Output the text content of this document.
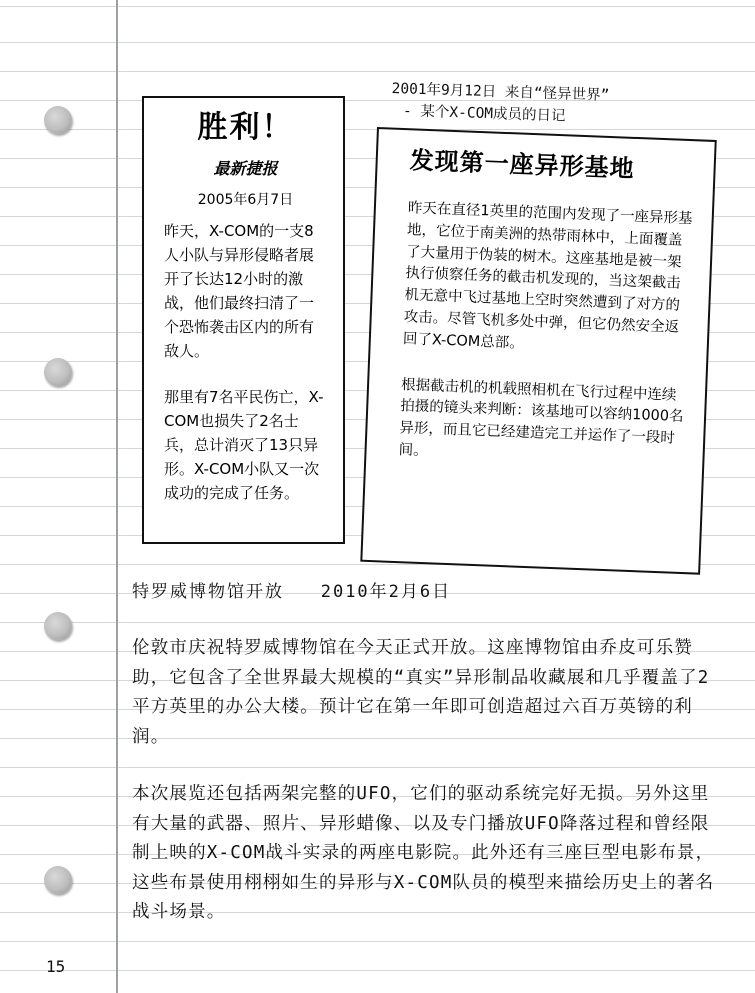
2001年9月12日 来自“怪异世界”
- 某个X-COM成员的日记
胜利！
最新捷报
2005年6月7日
昨天，X-COM的一支8人小队与异形侵略者展开了长达12小时的激战，他们最终扫清了一个恐怖袭击区内的所有敌人。
那里有7名平民伤亡，X-COM也损失了2名士兵，总计消灭了13只异形。X-COM小队又一次成功的完成了任务。
发现第一座异形基地
昨天在直径1英里的范围内发现了一座异形基地，它位于南美洲的热带雨林中，上面覆盖了大量用于伪装的树木。这座基地是被一架执行侦察任务的截击机发现的，当这架截击机无意中飞过基地上空时突然遭到了对方的攻击。尽管飞机多处中弹，但它仍然安全返回了X-COM总部。
根据截击机的机载照相机在飞行过程中连续拍摄的镜头来判断：该基地可以容纳1000名异形，而且它已经建造完工并运作了一段时间。
特罗威博物馆开放 2010年2月6日
伦敦市庆祝特罗威博物馆在今天正式开放。这座博物馆由乔皮可乐赞助，它包含了全世界最大规模的“真实”异形制品收藏展和几乎覆盖了2平方英里的办公大楼。预计它在第一年即可创造超过六百万英镑的利润。
本次展览还包括两架完整的UFO，它们的驱动系统完好无损。另外这里有大量的武器、照片、异形蜡像、以及专门播放UFO降落过程和曾经限制上映的X-COM战斗实录的两座电影院。此外还有三座巨型电影布景，这些布景使用栩栩如生的异形与X-COM队员的模型来描绘历史上的著名战斗场景。
15
